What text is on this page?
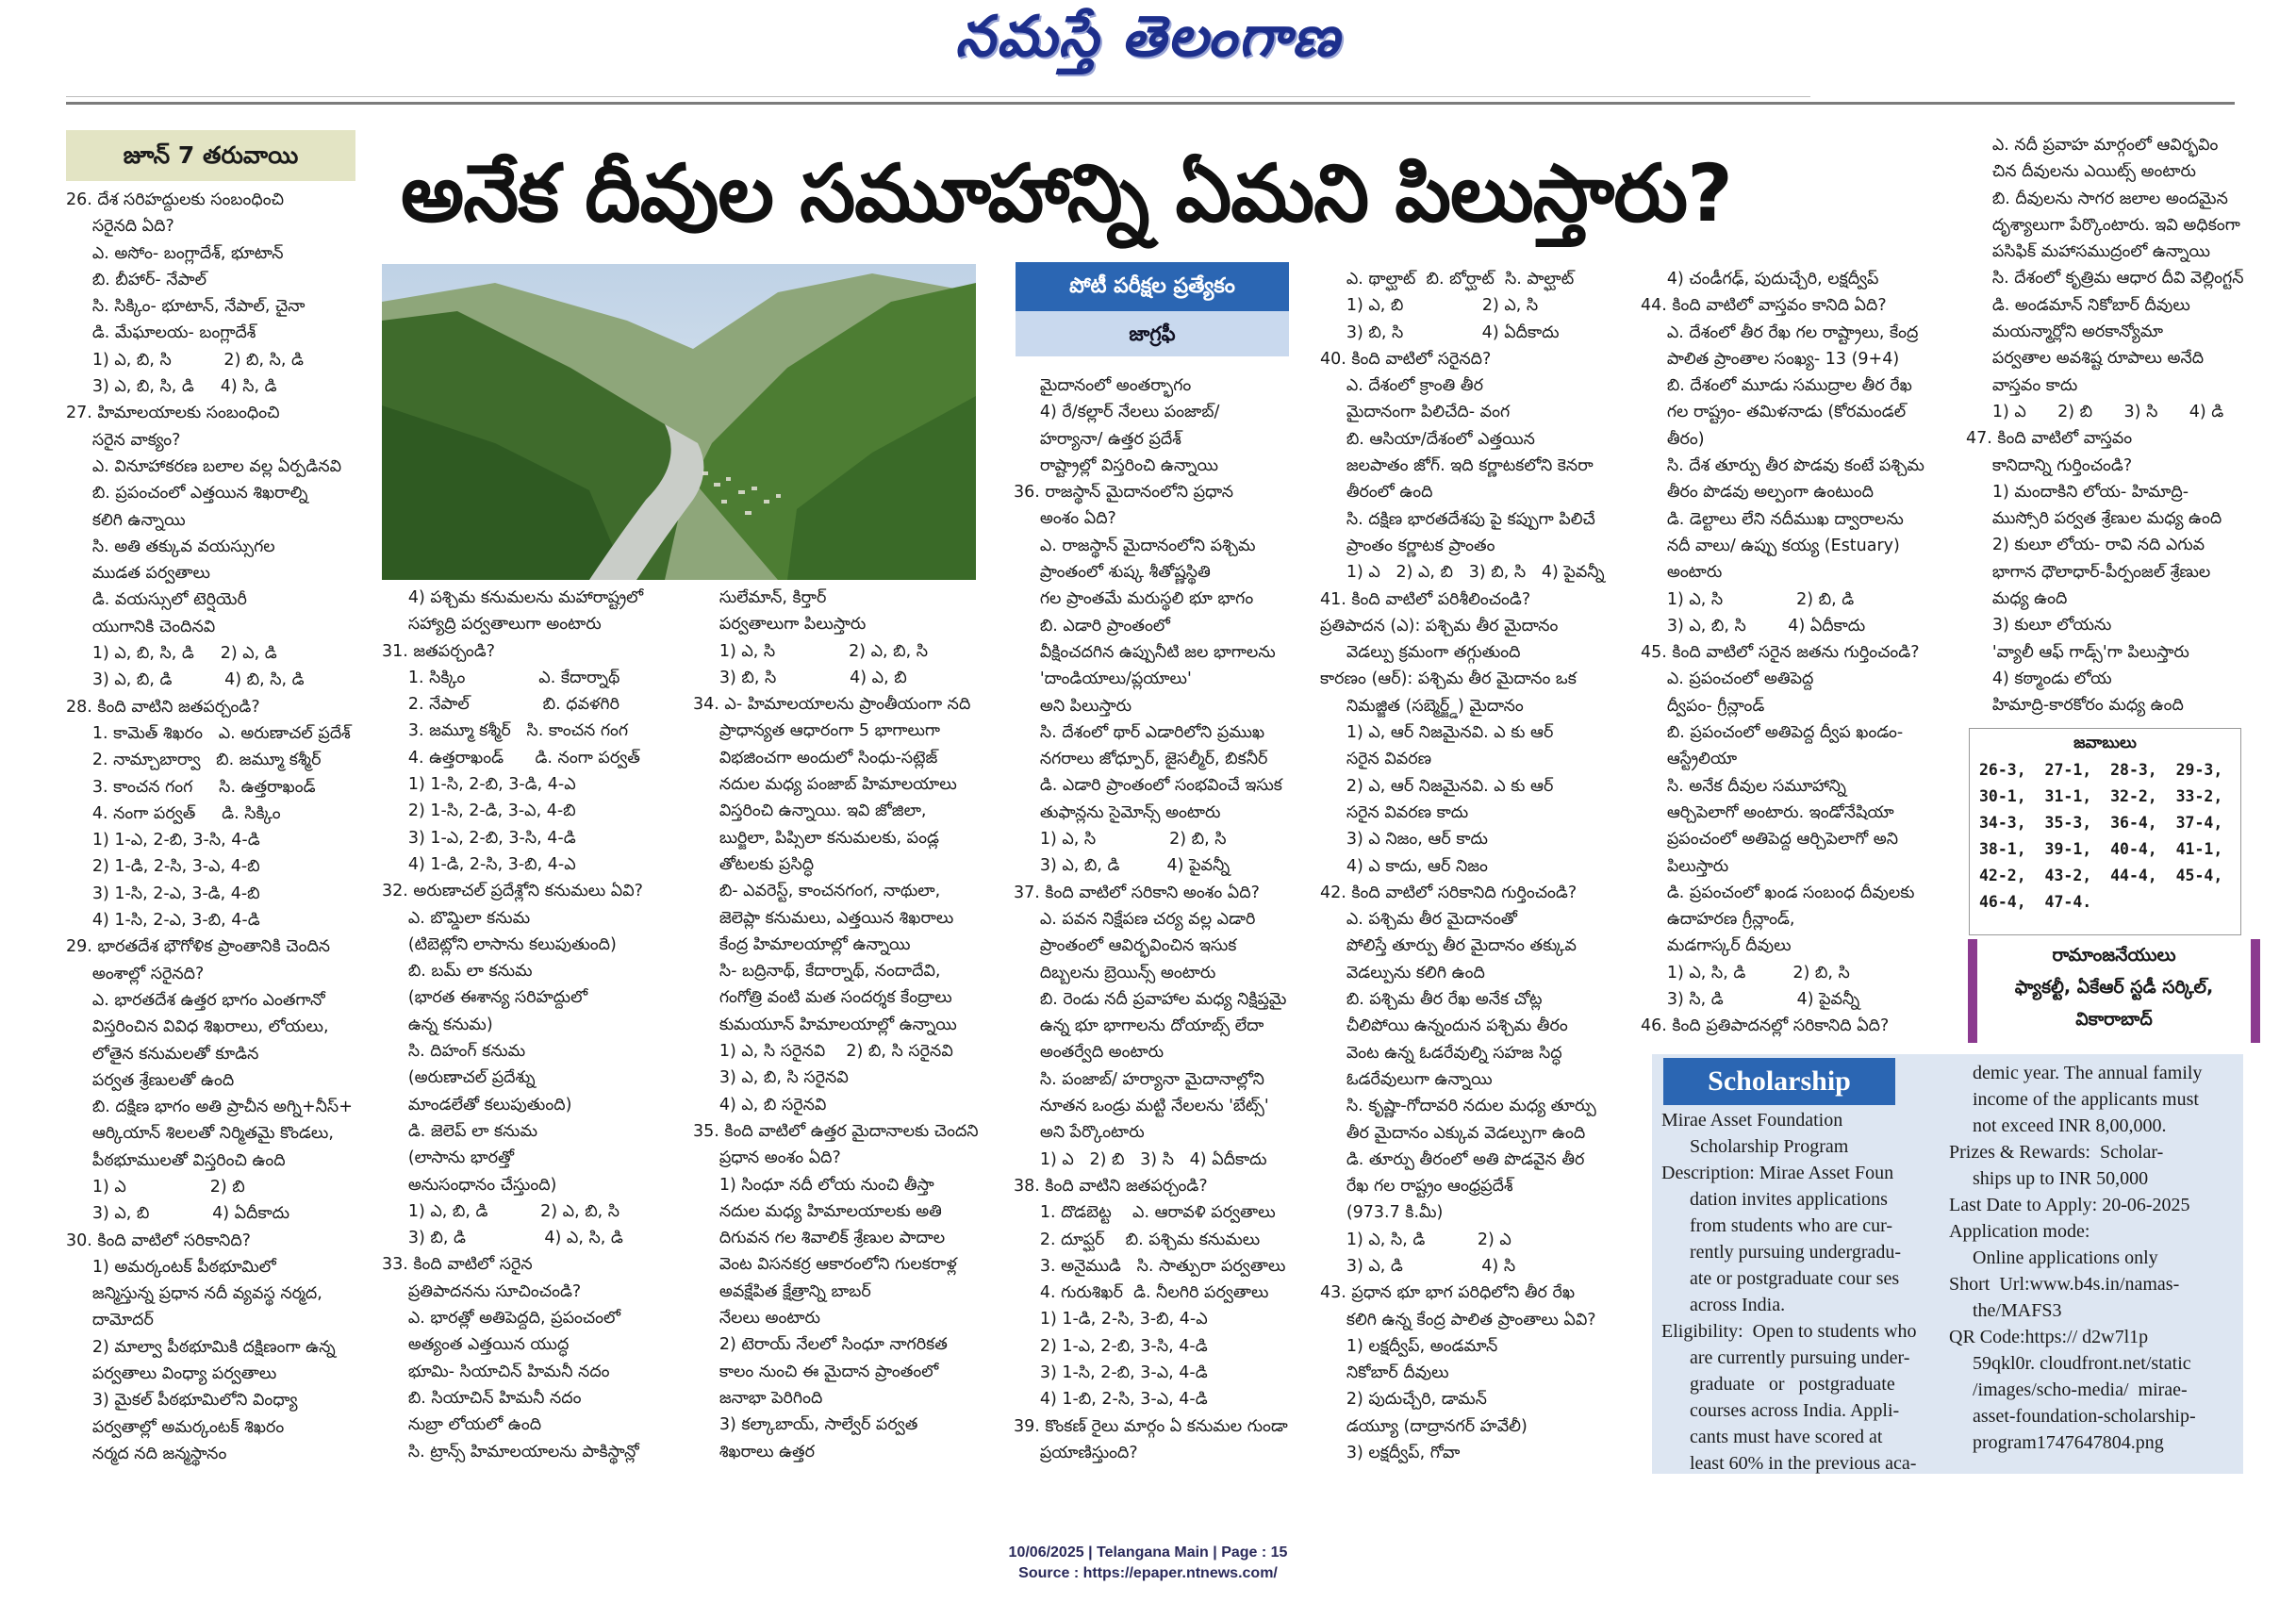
నమస్తే తెలంగాణ
జూన్ 7 తరువాయి	అనేక దీవుల సమూహాన్ని ఏమని పిలుస్తారు?
పోటీ పరీక్షల ప్రత్యేకం
జాగ్రఫీ
26. దేశ సరిహద్దులకు సంబంధించి
సరైనది ఏది?
ఎ. అసోం- బంగ్లాదేశ్, భూటాన్
బి. బీహార్- నేపాల్
సి. సిక్కిం- భూటాన్, నేపాల్, చైనా
డి. మేఘాలయ- బంగ్లాదేశ్
1) ఎ, బి, సి          2) బి, సి, డి
3) ఎ, బి, సి, డి     4) సి, డి
27. హిమాలయాలకు సంబంధించి
సరైన వాక్యం?
ఎ. వినూహాకరణ బలాల వల్ల ఏర్పడినవి
బి. ప్రపంచంలో ఎత్తయిన శిఖరాల్ని
కలిగి ఉన్నాయి
సి. అతి తక్కువ వయస్సుగల
ముడత పర్వతాలు
డి. వయస్సులో టెర్షియెరీ
యుగానికి చెందినవి
1) ఎ, బి, సి, డి     2) ఎ, డి
3) ఎ, బి, డి          4) బి, సి, డి
28. కింది వాటిని జతపర్చండి?
1. కామెత్ శిఖరం   ఎ. అరుణాచల్ ప్రదేశ్
2. నామ్చాబార్వా   బి. జమ్మూ కశ్మీర్
3. కాంచన గంగ     సి. ఉత్తరాఖండ్
4. నంగా పర్వత్     డి. సిక్కిం
1) 1-ఎ, 2-బి, 3-సి, 4-డి
2) 1-డి, 2-సి, 3-ఎ, 4-బి
3) 1-సి, 2-ఎ, 3-డి, 4-బి
4) 1-సి, 2-ఎ, 3-బి, 4-డి
29. భారతదేశ భౌగోళిక ప్రాంతానికి చెందిన
అంశాల్లో సరైనది?
ఎ. భారతదేశ ఉత్తర భాగం ఎంతగానో
విస్తరించిన వివిధ శిఖరాలు, లోయలు,
లోతైన కనుమలతో కూడిన
పర్వత శ్రేణులతో ఉంది
బి. దక్షిణ భాగం అతి ప్రాచీన అగ్ని+నీస్+
ఆర్కియాన్ శిలలతో నిర్మితమై కొండలు,
పీఠభూములతో విస్తరించి ఉంది
1) ఎ                2) బి
3) ఎ, బి            4) ఏదీకాదు
30. కింది వాటిలో సరికానిది?
1) అమర్కంటక్ పీఠభూమిలో
జన్మిస్తున్న ప్రధాన నదీ వ్యవస్థ నర్మద,
దామోదర్
2) మాల్వా పీఠభూమికి దక్షిణంగా ఉన్న
పర్వతాలు వింధ్యా పర్వతాలు
3) మైకల్ పీఠభూమిలోని వింధ్యా
పర్వతాల్లో అమర్కంటక్ శిఖరం
నర్మద నది జన్మస్థానం
4) పశ్చిమ కనుమలను మహారాష్ట్రలో
సహ్యాద్రి పర్వతాలుగా అంటారు
31. జతపర్చండి?
1. సిక్కిం              ఎ. కేదార్నాథ్
2. నేపాల్              బి. ధవళగిరి
3. జమ్మూ కశ్మీర్   సి. కాంచన గంగ
4. ఉత్తరాఖండ్      డి. నంగా పర్వత్
1) 1-సి, 2-బి, 3-డి, 4-ఎ
2) 1-సి, 2-డి, 3-ఎ, 4-బి
3) 1-ఎ, 2-బి, 3-సి, 4-డి
4) 1-డి, 2-సి, 3-బి, 4-ఎ
32. అరుణాచల్ ప్రదేశ్లోని కనుమలు ఏవి?
ఎ. బొమ్డిలా కనుమ
(టిబెట్లోని లాసాను కలుపుతుంది)
బి. బమ్ లా కనుమ
(భారత ఈశాన్య సరిహద్దులో
ఉన్న కనుమ)
సి. దిహంగ్ కనుమ
(అరుణాచల్ ప్రదేశ్ను
మాండలేతో కలుపుతుంది)
డి. జెలెప్ లా కనుమ
(లాసాను భారత్తో
అనుసంధానం చేస్తుంది)
1) ఎ, బి, డి          2) ఎ, బి, సి
3) బి, డి               4) ఎ, సి, డి
33. కింది వాటిలో సరైన
ప్రతిపాదనను సూచించండి?
ఎ. భారత్లో అతిపెద్దది, ప్రపంచంలో
అత్యంత ఎత్తయిన యుద్ధ
భూమి- సియాచిన్ హిమనీ నదం
బి. సియాచిన్ హిమనీ నదం
నుబ్రా లోయలో ఉంది
సి. ట్రాన్స్ హిమాలయాలను పాకిస్థాన్లో
సులేమాన్, కిర్తార్
పర్వతాలుగా పిలుస్తారు
1) ఎ, సి              2) ఎ, బి, సి
3) బి, సి              4) ఎ, బి
34. ఎ- హిమాలయాలను ప్రాంతీయంగా నది
ప్రాధాన్యత ఆధారంగా 5 భాగాలుగా
విభజించగా అందులో సింధు-సట్లెజ్
నదుల మధ్య పంజాబ్ హిమాలయాలు
విస్తరించి ఉన్నాయి. ఇవి జోజిలా,
బుర్జిలా, పిప్సిలా కనుమలకు, పండ్ల
తోటలకు ప్రసిద్ధి
బి- ఎవరెస్ట్, కాంచనగంగ, నాథులా,
జెలెప్లా కనుమలు, ఎత్తయిన శిఖరాలు
కేంద్ర హిమాలయాల్లో ఉన్నాయి
సి- బద్రినాథ్, కేదార్నాథ్, నందాదేవి,
గంగోత్రి వంటి మత సందర్శక కేంద్రాలు
కుమయూన్ హిమాలయాల్లో ఉన్నాయి
1) ఎ, సి సరైనవి    2) బి, సి సరైనవి
3) ఎ, బి, సి సరైనవి
4) ఎ, బి సరైనవి
35. కింది వాటిలో ఉత్తర మైదానాలకు చెందని
ప్రధాన అంశం ఏది?
1) సింధూ నదీ లోయ నుంచి తీస్తా
నదుల మధ్య హిమాలయాలకు అతి
దిగువన గల శివాలిక్ శ్రేణుల పాదాల
వెంట విసనకర్ర ఆకారంలోని గులకరాళ్ల
అవక్షేపిత క్షేత్రాన్ని బాబర్
నేలలు అంటారు
2) టెరాయ్ నేలలో సింధూ నాగరికత
కాలం నుంచి ఈ మైదాన ప్రాంతంలో
జనాభా పెరిగింది
3) కల్కాబాయ్, సాల్వేర్ పర్వత
శిఖరాలు ఉత్తర
మైదానంలో అంతర్భాగం
4) రే/కల్లార్ నేలలు పంజాబ్/
హర్యానా/ ఉత్తర ప్రదేశ్
రాష్ట్రాల్లో విస్తరించి ఉన్నాయి
36. రాజస్థాన్ మైదానంలోని ప్రధాన
అంశం ఏది?
ఎ. రాజస్థాన్ మైదానంలోని పశ్చిమ
ప్రాంతంలో శుష్క శీతోష్ణస్థితి
గల ప్రాంతమే మరుస్థలి భూ భాగం
బి. ఎడారి ప్రాంతంలో
వీక్షించదగిన ఉప్పునీటి జల భాగాలను
'దాండియాలు/ప్లయాలు'
అని పిలుస్తారు
సి. దేశంలో థార్ ఎడారిలోని ప్రముఖ
నగరాలు జోధ్పూర్, జైసల్మీర్, బికనీర్
డి. ఎడారి ప్రాంతంలో సంభవించే ఇసుక
తుఫాన్లను సైమోన్స్ అంటారు
1) ఎ, సి              2) బి, సి
3) ఎ, బి, డి         4) పైవన్నీ
37. కింది వాటిలో సరికాని అంశం ఏది?
ఎ. పవన నిక్షేపణ చర్య వల్ల ఎడారి
ప్రాంతంలో ఆవిర్భవించిన ఇసుక
దిబ్బలను బ్రెయిన్స్ అంటారు
బి. రెండు నదీ ప్రవాహాల మధ్య నిక్షిప్తమై
ఉన్న భూ భాగాలను దోయాబ్స్ లేదా
అంతర్వేది అంటారు
సి. పంజాబ్/ హర్యానా మైదానాల్లోని
నూతన ఒండ్రు మట్టి నేలలను 'బేట్స్'
అని పేర్కొంటారు
1) ఎ   2) బి   3) సి   4) ఏదీకాదు
38. కింది వాటిని జతపర్చండి?
1. దొడబెట్ట    ఎ. ఆరావళి పర్వతాలు
2. దూప్ఘర్    బి. పశ్చిమ కనుమలు
3. అనైముడి   సి. సాత్పురా పర్వతాలు
4. గురుశిఖర్  డి. నీలగిరి పర్వతాలు
1) 1-డి, 2-సి, 3-బి, 4-ఎ
2) 1-ఎ, 2-బి, 3-సి, 4-డి
3) 1-సి, 2-బి, 3-ఎ, 4-డి
4) 1-బి, 2-సి, 3-ఎ, 4-డి
39. కొంకణ్ రైలు మార్గం ఏ కనుమల గుండా
ప్రయాణిస్తుంది?
ఎ. థాల్ఘాట్  బి. బోర్ఘాట్  సి. పాల్ఘాట్
1) ఎ, బి               2) ఎ, సి
3) బి, సి               4) ఏదీకాదు
40. కింది వాటిలో సరైనది?
ఎ. దేశంలో క్రాంతి తీర
మైదానంగా పిలిచేది- వంగ
బి. ఆసియా/దేశంలో ఎత్తయిన
జలపాతం జోగ్. ఇది కర్ణాటకలోని కెనరా
తీరంలో ఉంది
సి. దక్షిణ భారతదేశపు పై కప్పుగా పిలిచే
ప్రాంతం కర్ణాటక ప్రాంతం
1) ఎ   2) ఎ, బి   3) బి, సి   4) పైవన్నీ
41. కింది వాటిలో పరిశీలించండి?
ప్రతిపాదన (ఎ): పశ్చిమ తీర మైదానం
వెడల్పు క్రమంగా తగ్గుతుంది
కారణం (ఆర్): పశ్చిమ తీర మైదానం ఒక
నిమజ్జిత (సబ్మెర్జ్డ్) మైదానం
1) ఎ, ఆర్ నిజమైనవి. ఎ కు ఆర్
సరైన వివరణ
2) ఎ, ఆర్ నిజమైనవి. ఎ కు ఆర్
సరైన వివరణ కాదు
3) ఎ నిజం, ఆర్ కాదు
4) ఎ కాదు, ఆర్ నిజం
42. కింది వాటిలో సరికానిది గుర్తించండి?
ఎ. పశ్చిమ తీర మైదానంతో
పోలిస్తే తూర్పు తీర మైదానం తక్కువ
వెడల్పును కలిగి ఉంది
బి. పశ్చిమ తీర రేఖ అనేక చోట్ల
చీలిపోయి ఉన్నందున పశ్చిమ తీరం
వెంట ఉన్న ఓడరేవుల్ని సహజ సిద్ధ
ఓడరేవులుగా ఉన్నాయి
సి. కృష్ణా-గోదావరి నదుల మధ్య తూర్పు
తీర మైదానం ఎక్కువ వెడల్పుగా ఉంది
డి. తూర్పు తీరంలో అతి పొడవైన తీర
రేఖ గల రాష్ట్రం ఆంధ్రప్రదేశ్
(973.7 కి.మీ)
1) ఎ, సి, డి          2) ఎ
3) ఎ, డి               4) సి
43. ప్రధాన భూ భాగ పరిధిలోని తీర రేఖ
కలిగి ఉన్న కేంద్ర పాలిత ప్రాంతాలు ఏవి?
1) లక్షద్వీప్, అండమాన్
నికోబార్ దీవులు
2) పుదుచ్చేరి, డామన్
డయ్యూ (దాద్రానగర్ హవేలీ)
3) లక్షద్వీప్, గోవా
4) చండీగఢ్, పుదుచ్చేరి, లక్షద్వీప్
44. కింది వాటిలో వాస్తవం కానిది ఏది?
ఎ. దేశంలో తీర రేఖ గల రాష్ట్రాలు, కేంద్ర
పాలిత ప్రాంతాల సంఖ్య- 13 (9+4)
బి. దేశంలో మూడు సముద్రాల తీర రేఖ
గల రాష్ట్రం- తమిళనాడు (కోరమండల్
తీరం)
సి. దేశ తూర్పు తీర పొడవు కంటే పశ్చిమ
తీరం పొడవు అల్పంగా ఉంటుంది
డి. డెల్టాలు లేని నదీముఖ ద్వారాలను
నదీ వాలు/ ఉప్పు కయ్య (Estuary)
అంటారు
1) ఎ, సి              2) బి, డి
3) ఎ, బి, సి        4) ఏదీకాదు
45. కింది వాటిలో సరైన జతను గుర్తించండి?
ఎ. ప్రపంచంలో అతిపెద్ద
ద్వీపం- గ్రీన్లాండ్
బి. ప్రపంచంలో అతిపెద్ద ద్వీప ఖండం-
ఆస్ట్రేలియా
సి. అనేక దీవుల సమూహాన్ని
ఆర్చిపెలాగో అంటారు. ఇండోనేషియా
ప్రపంచంలో అతిపెద్ద ఆర్చిపెలాగో అని
పిలుస్తారు
డి. ప్రపంచంలో ఖండ సంబంధ దీవులకు
ఉదాహరణ గ్రీన్లాండ్,
మడగాస్కర్ దీవులు
1) ఎ, సి, డి         2) బి, సి
3) సి, డి              4) పైవన్నీ
46. కింది ప్రతిపాదనల్లో సరికానిది ఏది?
ఎ. నదీ ప్రవాహ మార్గంలో ఆవిర్భవిం
చిన దీవులను ఎయిట్స్ అంటారు
బి. దీవులను సాగర జలాల అందమైన
దృశ్యాలుగా పేర్కొంటారు. ఇవి అధికంగా
పసిఫిక్ మహాసముద్రంలో ఉన్నాయి
సి. దేశంలో కృత్రిమ ఆధార దీవి వెల్లింగ్టన్
డి. అండమాన్ నికోబార్ దీవులు
మయన్మార్లోని అరకాన్యోమా
పర్వతాల అవశిష్ట రూపాలు అనేది
వాస్తవం కాదు
1) ఎ      2) బి      3) సి      4) డి
47. కింది వాటిలో వాస్తవం
కానిదాన్ని గుర్తించండి?
1) మందాకిని లోయ- హిమాద్రి-
ముస్సోరి పర్వత శ్రేణుల మధ్య ఉంది
2) కులూ లోయ- రావి నది ఎగువ
భాగాన ధౌలాధార్-పీర్పంజల్ శ్రేణుల
మధ్య ఉంది
3) కులూ లోయను
'వ్యాలీ ఆఫ్ గాడ్స్'గా పిలుస్తారు
4) కఠ్మాండు లోయ
హిమాద్రి-కారకోరం మధ్య ఉంది
జవాబులు
26-3,  27-1,  28-3,  29-3,
30-1,  31-1,  32-2,  33-2,
34-3,  35-3,  36-4,  37-4,
38-1,  39-1,  40-4,  41-1,
42-2,  43-2,  44-4,  45-4,
46-4,  47-4.
రామాంజనేయులు
ఫ్యాకల్టీ, ఏకేఆర్ స్టడీ సర్కిల్,
వికారాబాద్
Scholarship
Mirae Asset Foundation
Scholarship Program
Description: Mirae Asset Foun
dation invites applications
from students who are cur-
rently pursuing undergradu-
ate or postgraduate cour ses
across India.
Eligibility:  Open to students who
are currently pursuing under-
graduate   or   postgraduate
courses across India. Appli-
cants must have scored at
least 60% in the previous aca-
demic year. The annual family
income of the applicants must
not exceed INR 8,00,000.
Prizes & Rewards:  Scholar-
ships up to INR 50,000
Last Date to Apply: 20-06-2025
Application mode:
Online applications only
Short  Url:www.b4s.in/namas-
the/MAFS3
QR Code:https:// d2w7l1p
59qkl0r. cloudfront.net/static
/images/scho-media/  mirae-
asset-foundation-scholarship-
program1747647804.png
10/06/2025 | Telangana Main | Page : 15
Source : https://epaper.ntnews.com/
